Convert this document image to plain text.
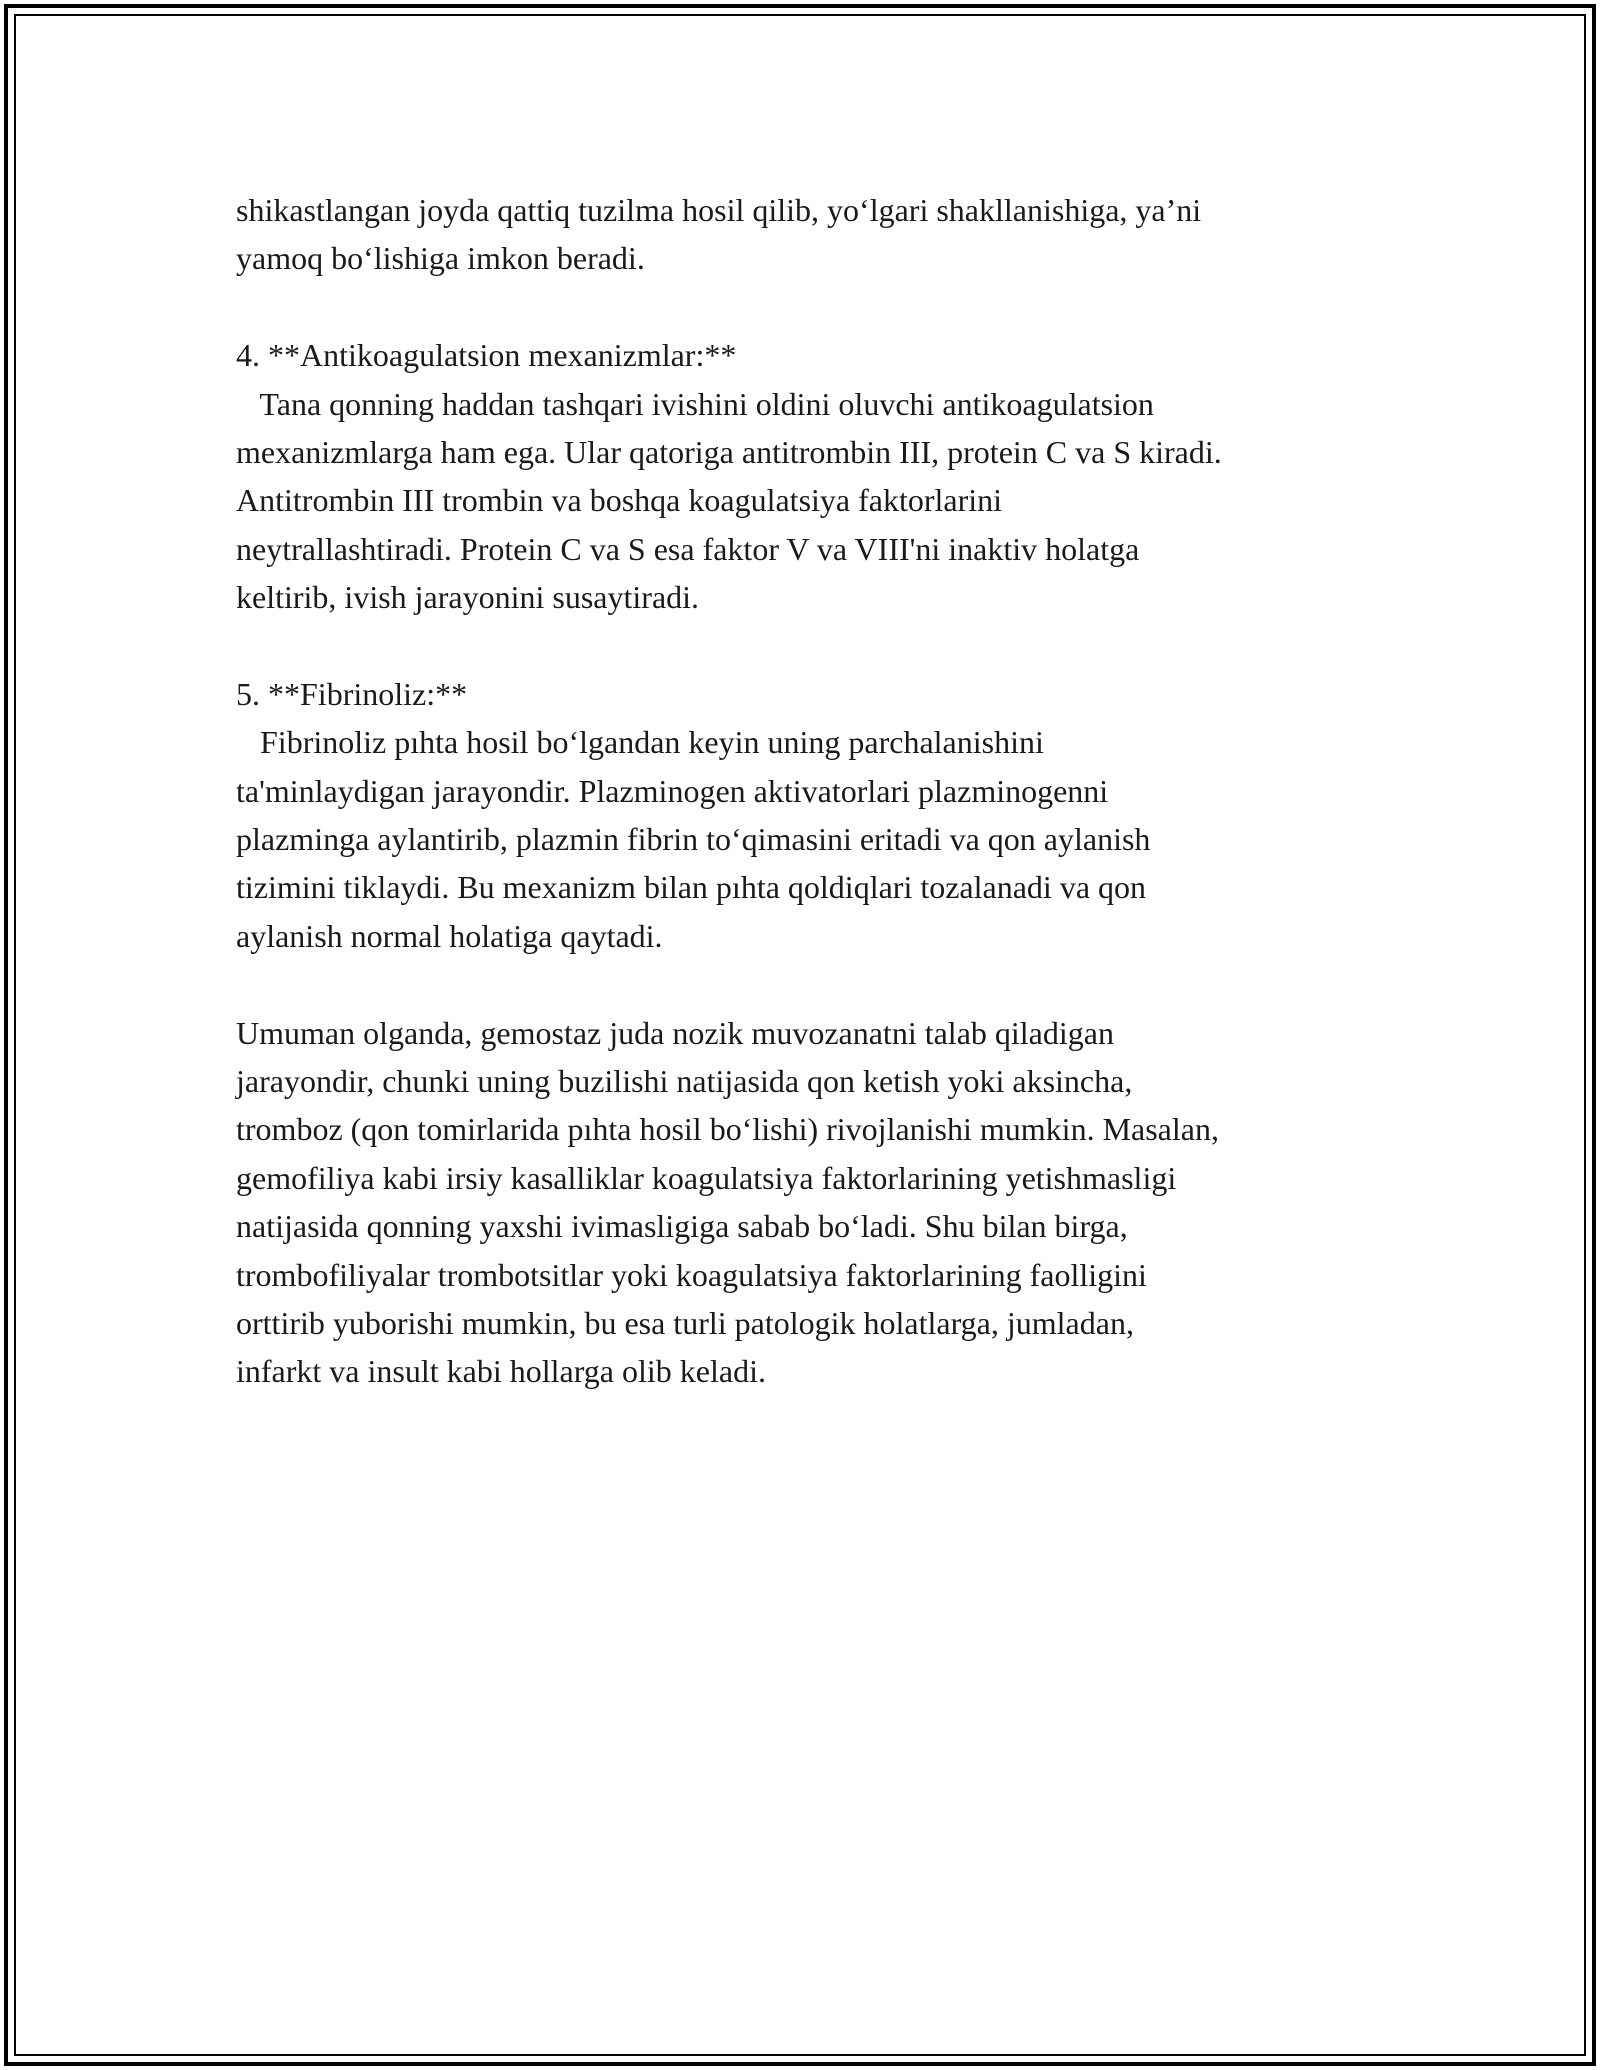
shikastlangan joyda qattiq tuzilma hosil qilib, yo‘lgari shakllanishiga, ya’ni
yamoq bo‘lishiga imkon beradi.
4. **Antikoagulatsion mexanizmlar:**
Tana qonning haddan tashqari ivishini oldini oluvchi antikoagulatsion
mexanizmlarga ham ega. Ular qatoriga antitrombin III, protein C va S kiradi.
Antitrombin III trombin va boshqa koagulatsiya faktorlarini
neytrallashtiradi. Protein C va S esa faktor V va VIII'ni inaktiv holatga
keltirib, ivish jarayonini susaytiradi.
5. **Fibrinoliz:**
Fibrinoliz pıhta hosil bo‘lgandan keyin uning parchalanishini
ta'minlaydigan jarayondir. Plazminogen aktivatorlari plazminogenni
plazminga aylantirib, plazmin fibrin to‘qimasini eritadi va qon aylanish
tizimini tiklaydi. Bu mexanizm bilan pıhta qoldiqlari tozalanadi va qon
aylanish normal holatiga qaytadi.
Umuman olganda, gemostaz juda nozik muvozanatni talab qiladigan
jarayondir, chunki uning buzilishi natijasida qon ketish yoki aksincha,
tromboz (qon tomirlarida pıhta hosil bo‘lishi) rivojlanishi mumkin. Masalan,
gemofiliya kabi irsiy kasalliklar koagulatsiya faktorlarining yetishmasligi
natijasida qonning yaxshi ivimasligiga sabab bo‘ladi. Shu bilan birga,
trombofiliyalar trombotsitlar yoki koagulatsiya faktorlarining faolligini
orttirib yuborishi mumkin, bu esa turli patologik holatlarga, jumladan,
infarkt va insult kabi hollarga olib keladi.
